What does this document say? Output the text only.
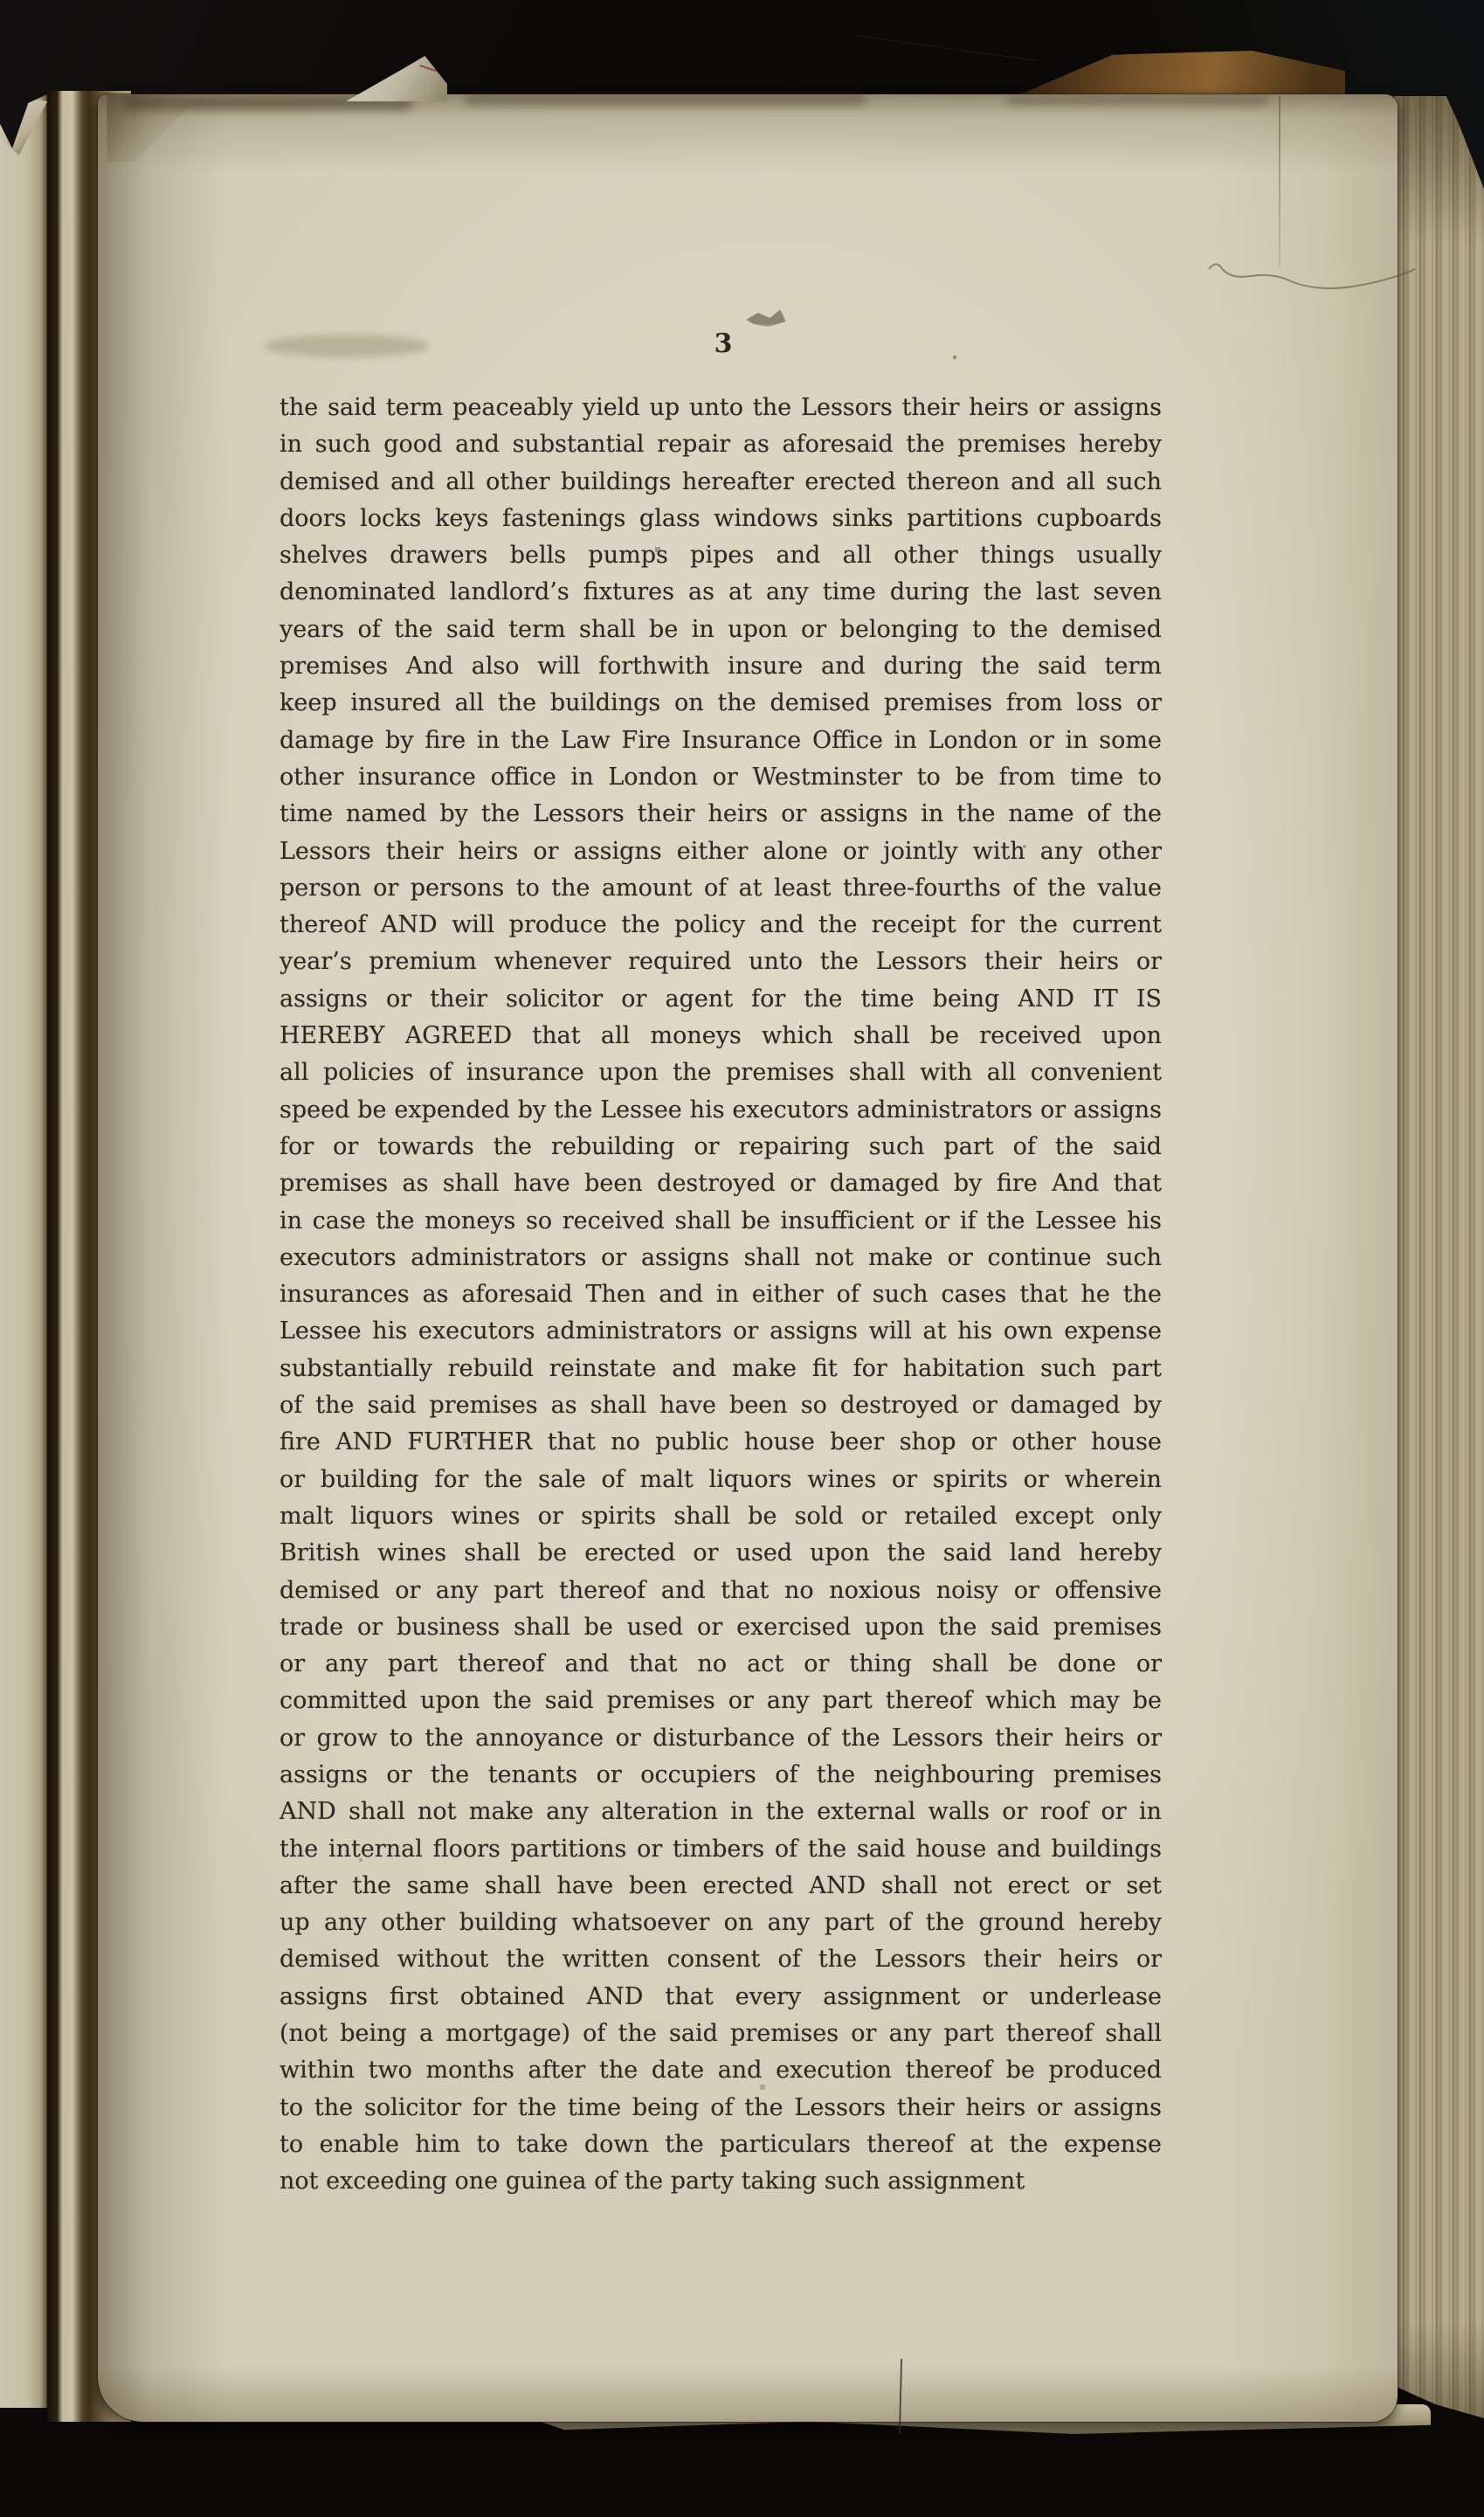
3
the said term peaceably yield up unto the Lessors their heirs or assigns
in such good and substantial repair as aforesaid the premises hereby
demised and all other buildings hereafter erected thereon and all such
doors locks keys fastenings glass windows sinks partitions cupboards
shelves drawers bells pumps pipes and all other things usually
denominated landlord’s fixtures as at any time during the last seven
years of the said term shall be in upon or belonging to the demised
premises And also will forthwith insure and during the said term
keep insured all the buildings on the demised premises from loss or
damage by fire in the Law Fire Insurance Office in London or in some
other insurance office in London or Westminster to be from time to
time named by the Lessors their heirs or assigns in the name of the
Lessors their heirs or assigns either alone or jointly with any other
person or persons to the amount of at least three-fourths of the value
thereof AND will produce the policy and the receipt for the current
year’s premium whenever required unto the Lessors their heirs or
assigns or their solicitor or agent for the time being AND IT IS
HEREBY AGREED that all moneys which shall be received upon
all policies of insurance upon the premises shall with all convenient
speed be expended by the Lessee his executors administrators or assigns
for or towards the rebuilding or repairing such part of the said
premises as shall have been destroyed or damaged by fire And that
in case the moneys so received shall be insufficient or if the Lessee his
executors administrators or assigns shall not make or continue such
insurances as aforesaid Then and in either of such cases that he the
Lessee his executors administrators or assigns will at his own expense
substantially rebuild reinstate and make fit for habitation such part
of the said premises as shall have been so destroyed or damaged by
fire AND FURTHER that no public house beer shop or other house
or building for the sale of malt liquors wines or spirits or wherein
malt liquors wines or spirits shall be sold or retailed except only
British wines shall be erected or used upon the said land hereby
demised or any part thereof and that no noxious noisy or offensive
trade or business shall be used or exercised upon the said premises
or any part thereof and that no act or thing shall be done or
committed upon the said premises or any part thereof which may be
or grow to the annoyance or disturbance of the Lessors their heirs or
assigns or the tenants or occupiers of the neighbouring premises
AND shall not make any alteration in the external walls or roof or in
the internal floors partitions or timbers of the said house and buildings
after the same shall have been erected AND shall not erect or set
up any other building whatsoever on any part of the ground hereby
demised without the written consent of the Lessors their heirs or
assigns first obtained AND that every assignment or underlease
(not being a mortgage) of the said premises or any part thereof shall
within two months after the date and execution thereof be produced
to the solicitor for the time being of the Lessors their heirs or assigns
to enable him to take down the particulars thereof at the expense
not exceeding one guinea of the party taking such assignment
